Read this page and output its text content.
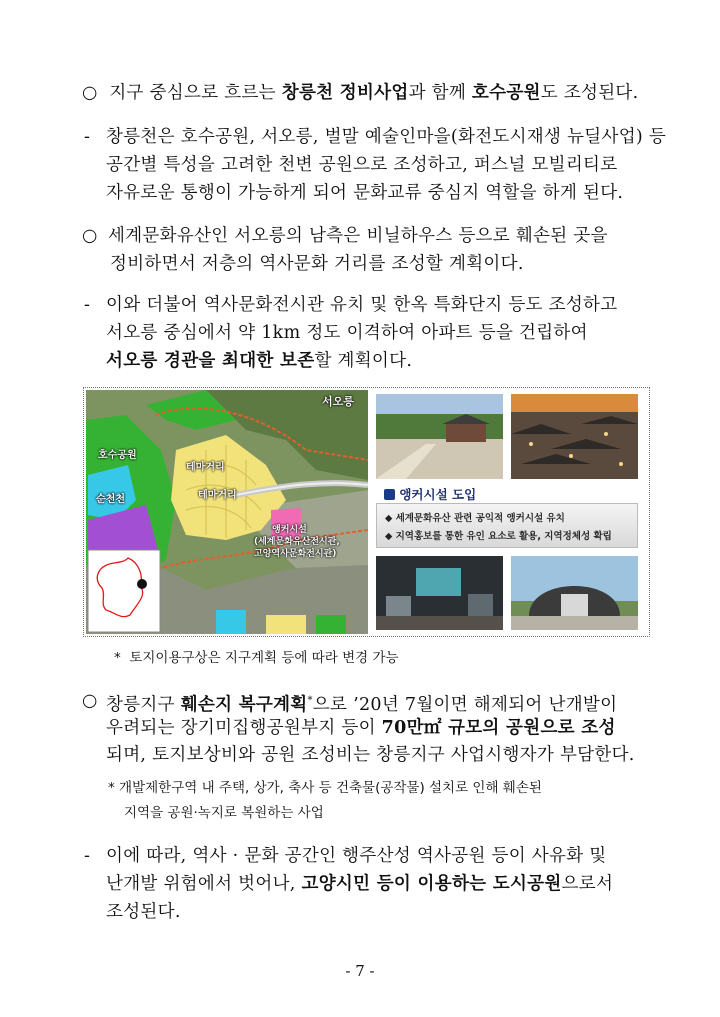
○ 지구 중심으로 흐르는 창릉천 정비사업과 함께 호수공원도 조성된다.
- 창릉천은 호수공원, 서오릉, 벌말 예술인마을(화전도시재생 뉴딜사업) 등
공간별 특성을 고려한 천변 공원으로 조성하고, 퍼스널 모빌리티로
자유로운 통행이 가능하게 되어 문화교류 중심지 역할을 하게 된다.
○ 세계문화유산인 서오릉의 남측은 비닐하우스 등으로 훼손된 곳을
정비하면서 저층의 역사문화 거리를 조성할 계획이다.
- 이와 더불어 역사문화전시관 유치 및 한옥 특화단지 등도 조성하고
서오릉 중심에서 약 1km 정도 이격하여 아파트 등을 건립하여
서오릉 경관을 최대한 보존할 계획이다.
서오릉
호수공원
순천천
테마거리
테마거리
앵커시설
(세계문화유산전시관,
고양역사문화전시관)
앵커시설 도입
◆ 세계문화유산 관련 공익적 앵커시설 유치
◆ 지역홍보를 통한 유인 요소로 활용, 지역정체성 확립
* 토지이용구상은 지구계획 등에 따라 변경 가능
○ 창릉지구 훼손지 복구계획*으로 ’20년 7월이면 해제되어 난개발이
우려되는 장기미집행공원부지 등이 70만㎡ 규모의 공원으로 조성
되며, 토지보상비와 공원 조성비는 창릉지구 사업시행자가 부담한다.
* 개발제한구역 내 주택, 상가, 축사 등 건축물(공작물) 설치로 인해 훼손된
지역을 공원·녹지로 복원하는 사업
- 이에 따라, 역사 · 문화 공간인 행주산성 역사공원 등이 사유화 및
난개발 위험에서 벗어나, 고양시민 등이 이용하는 도시공원으로서
조성된다.
- 7 -
